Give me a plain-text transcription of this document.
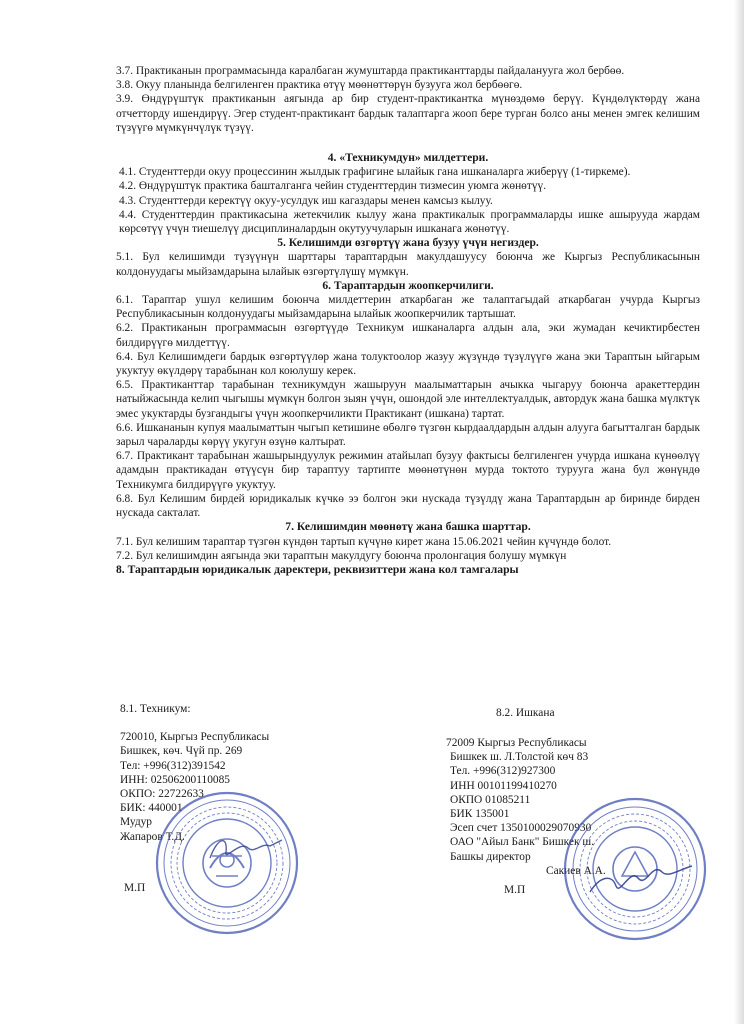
3.7. Практиканын программасында каралбаган жумуштарда практиканттарды пайдаланууга жол бербөө.

3.8. Окуу планында белгиленген практика өтүү мөөнөттөрүн бузууга жол бербөөгө.

3.9. Өндүрүштүк практиканын аягында ар бир студент-практикантка мүнөздөмө берүү. Күндөлүктөрдү жана отчетторду ишендирүү. Эгер студент-практикант бардык талаптарга жооп бере турган болсо аны менен эмгек келишим түзүүгө мүмкүнчүлүк түзүү.

4. «Техникумдун» милдеттери.

4.1. Студенттерди окуу процессинин жылдык графигине ылайык гана ишканаларга жиберүү (1-тиркеме).

4.2. Өндүрүштүк практика башталганга чейин студенттердин тизмесин уюмга жөнөтүү.

4.3. Студенттерди керектүү окуу-усулдук иш кагаздары менен камсыз кылуу.

4.4. Студенттердин практикасына жетекчилик кылуу жана практикалык программаларды ишке ашырууда жардам көрсөтүү үчүн тиешелүү дисциплиналардын окутуучуларын ишканага жөнөтүү.

5. Келишимди өзгөртүү жана бузуу үчүн негиздер.

5.1. Бул келишимди түзүүнүн шарттары тараптардын макулдашуусу боюнча же Кыргыз Республикасынын колдонуудагы мыйзамдарына ылайык өзгөртүлүшү мүмкүн.

6. Тараптардын жоопкерчилиги.

6.1. Тараптар ушул келишим боюнча милдеттерин аткарбаган же талаптагыдай аткарбаган учурда Кыргыз Республикасынын колдонуудагы мыйзамдарына ылайык жоопкерчилик тартышат.

6.2. Практиканын программасын өзгөртүүдө Техникум ишканаларга алдын ала, эки жумадан кечиктирбестен билдирүүгө милдеттүү.

6.4. Бул Келишимдеги бардык өзгөртүүлөр жана толуктоолор жазуу жүзүндө түзүлүүгө жана эки Тараптын ыйгарым укуктуу өкүлдөрү тарабынан кол коюлушу керек.

6.5. Практиканттар тарабынан техникумдун жашыруун маалыматтарын ачыкка чыгаруу боюнча аракеттердин натыйжасында келип чыгышы мүмкүн болгон зыян үчүн, ошондой эле интеллектуалдык, автордук жана башка мүлктүк эмес укуктарды бузгандыгы үчүн жоопкерчиликти Практикант (ишкана) тартат.

6.6. Ишкананын купуя маалыматтын чыгып кетишине өбөлгө түзгөн кырдаалдардын алдын алууга багытталган бардык зарыл чараларды көрүү укугун өзүнө калтырат.

6.7. Практикант тарабынан жашырындуулук режимин атайылап бузуу фактысы белгиленген учурда ишкана күнөөлүү адамдын практикадан өтүүсүн бир тараптуу тартипте мөөнөтүнөн мурда токтото турууга жана бул жөнүндө Техникумга билдирүүгө укуктуу.

6.8. Бул Келишим бирдей юридикалык күчкө ээ болгон эки нускада түзүлдү жана Тараптардын ар биринде бирден нускада сакталат.

7. Келишимдин мөөнөтү жана башка шарттар.

7.1. Бул келишим тараптар түзгөн күндөн тартып күчүнө кирет жана 15.06.2021 чейин күчүндө болот.

7.2. Бул келишимдин аягында эки тараптын макулдугу боюнча пролонгация болушу мүмкүн

8. Тараптардын юридикалык даректери, реквизиттери жана кол тамгалары

8.1. Техникум:

720010, Кыргыз Республикасы

Бишкек, көч. Чүй пр. 269

Тел: +996(312)391542

ИНН: 02506200110085

ОКПО: 22722633

БИК: 440001

Мудур

Жапаров Т.Д.

8.2. Ишкана

72009 Кыргыз Республикасы

Бишкек ш. Л.Толстой көч 83

Тел. +996(312)927300

ИНН 00101199410270

ОКПО 01085211

БИК 135001

Эсеп счет 1350100029070930

ОАО "Айыл Банк" Бишкек ш.

Башкы директор

Сакиев А.А.

М.П	М.П
